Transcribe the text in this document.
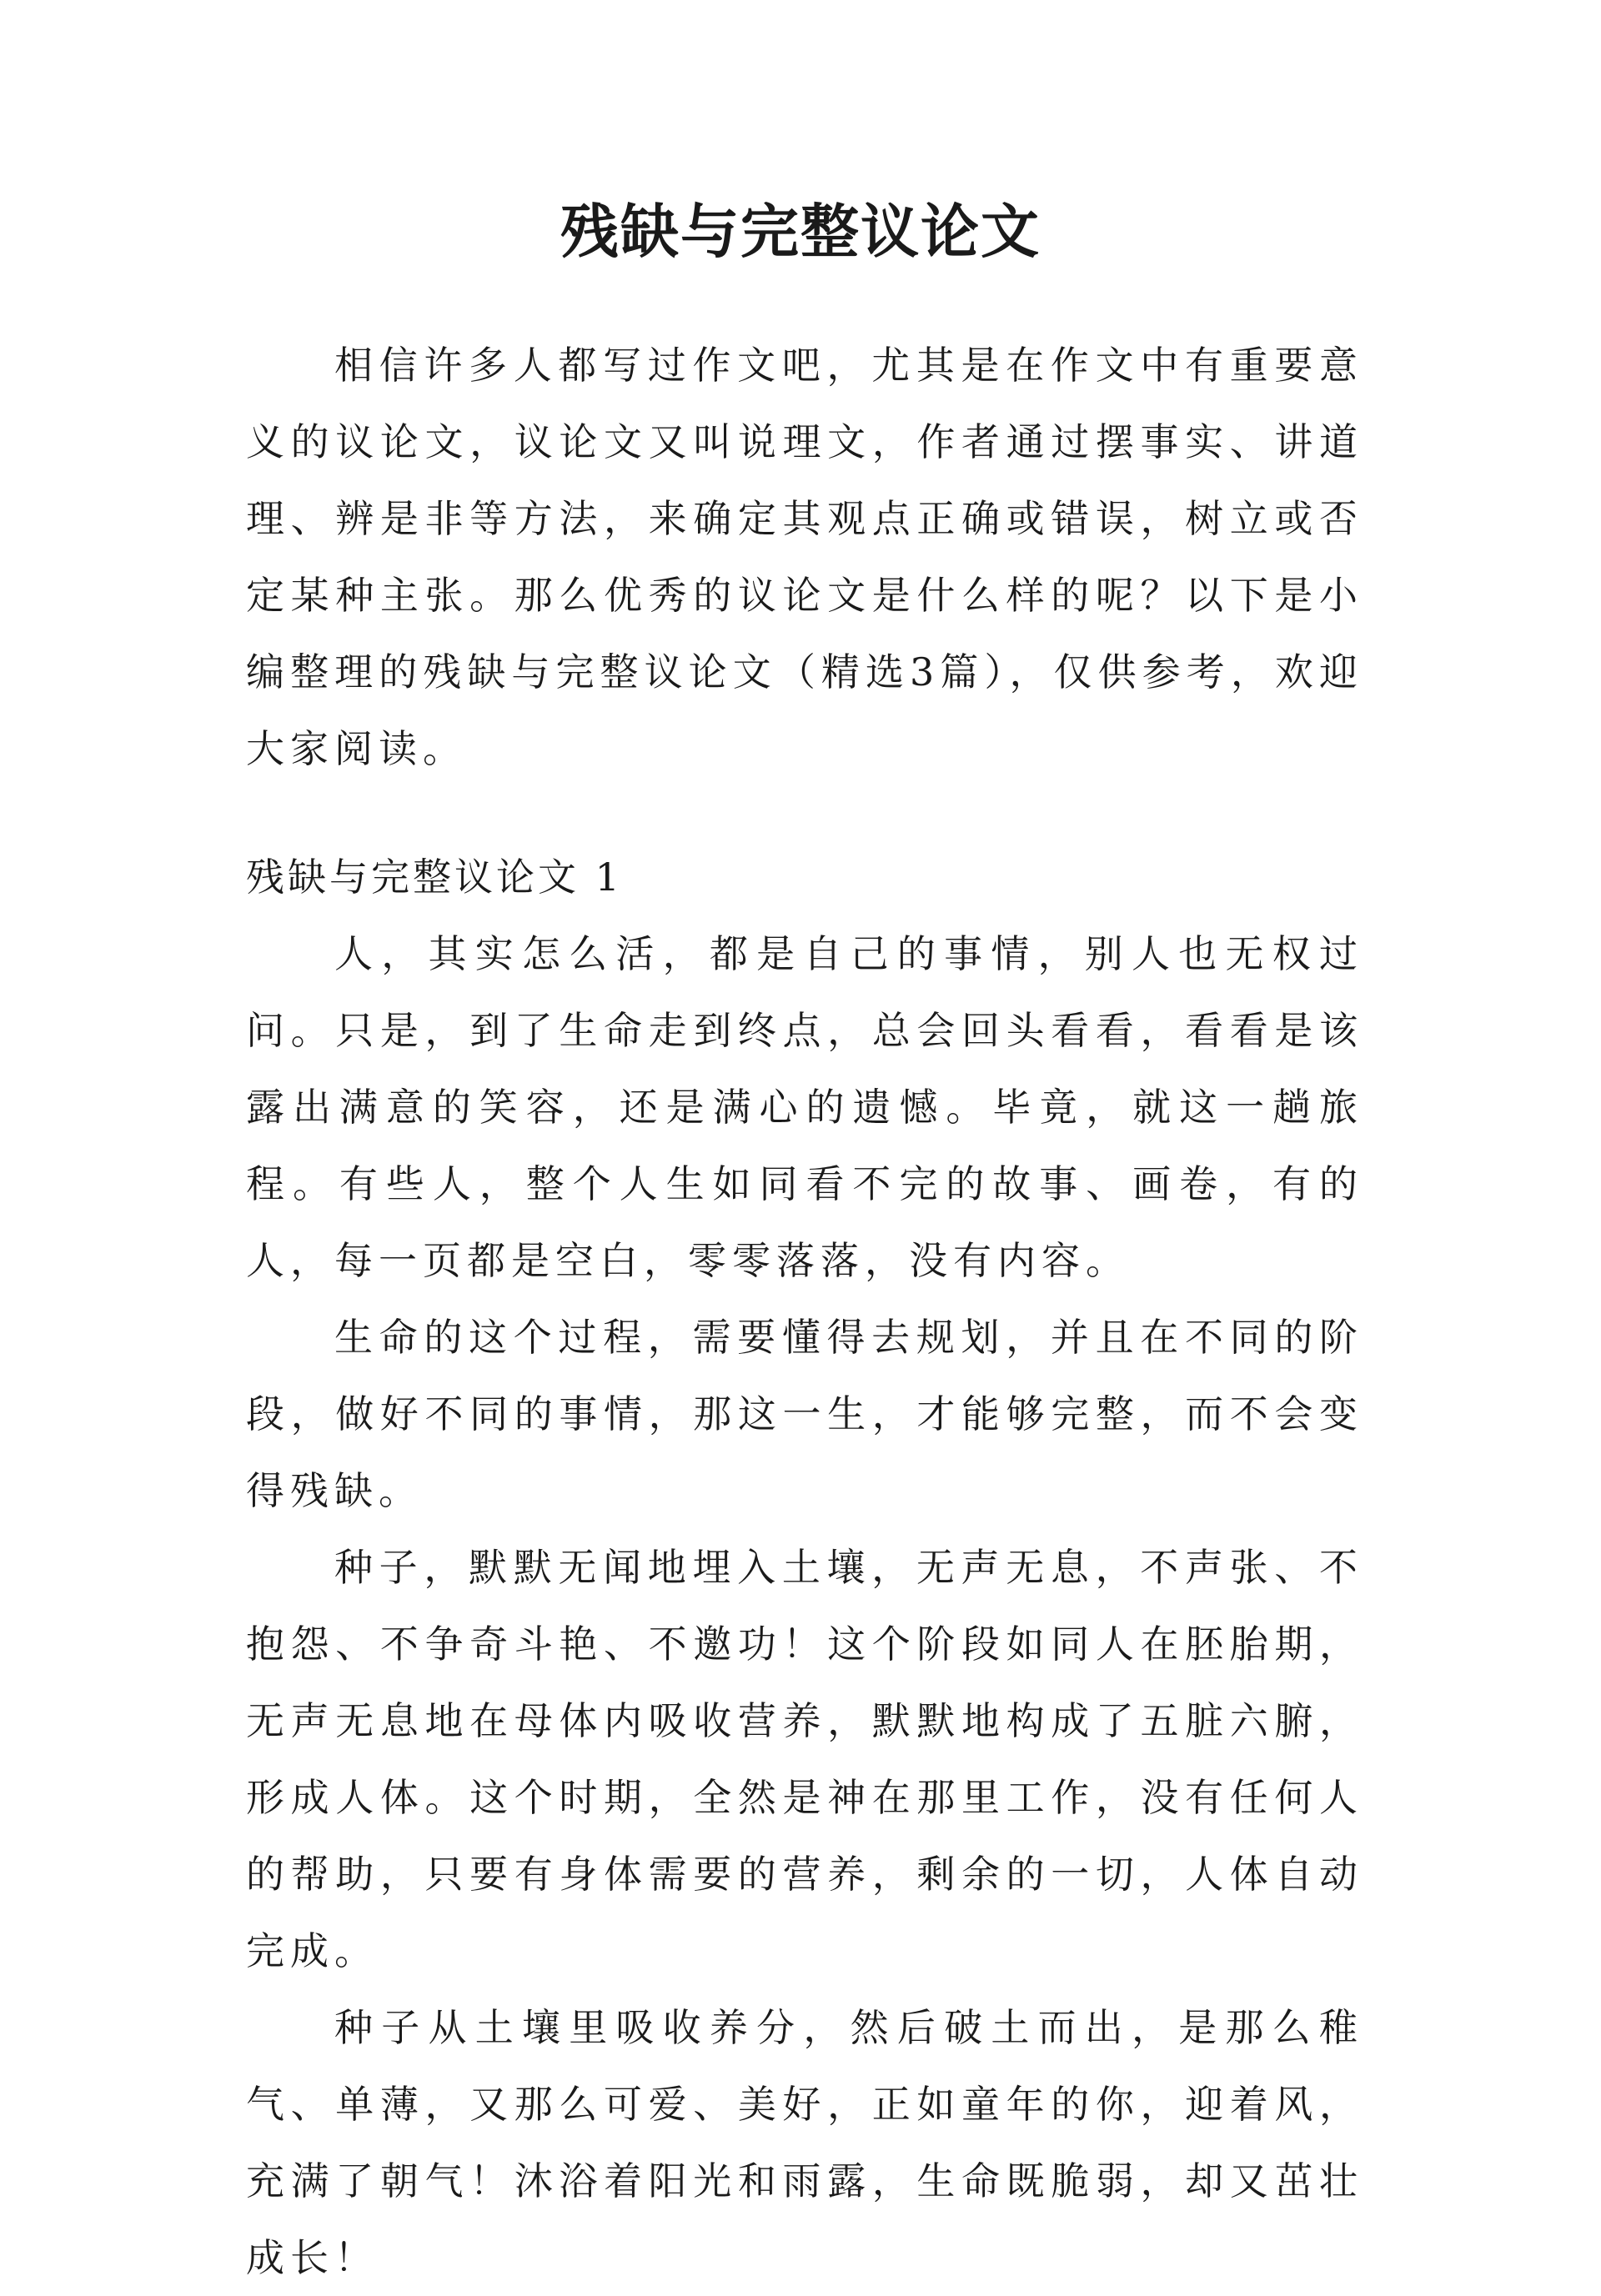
残缺与完整议论文

相信许多人都写过作文吧，尤其是在作文中有重要意义的议论文，议论文又叫说理文，作者通过摆事实、讲道理、辨是非等方法，来确定其观点正确或错误，树立或否定某种主张。那么优秀的议论文是什么样的呢？以下是小编整理的残缺与完整议论文（精选3篇），仅供参考，欢迎大家阅读。

残缺与完整议论文 1

人，其实怎么活，都是自己的事情，别人也无权过问。只是，到了生命走到终点，总会回头看看，看看是该露出满意的笑容，还是满心的遗憾。毕竟，就这一趟旅程。有些人，整个人生如同看不完的故事、画卷，有的人，每一页都是空白，零零落落，没有内容。

生命的这个过程，需要懂得去规划，并且在不同的阶段，做好不同的事情，那这一生，才能够完整，而不会变得残缺。

种子，默默无闻地埋入土壤，无声无息，不声张、不抱怨、不争奇斗艳、不邀功！这个阶段如同人在胚胎期，无声无息地在母体内吸收营养，默默地构成了五脏六腑，形成人体。这个时期，全然是神在那里工作，没有任何人的帮助，只要有身体需要的营养，剩余的一切，人体自动完成。

种子从土壤里吸收养分，然后破土而出，是那么稚气、单薄，又那么可爱、美好，正如童年的你，迎着风，充满了朝气！沐浴着阳光和雨露，生命既脆弱，却又茁壮成长！
